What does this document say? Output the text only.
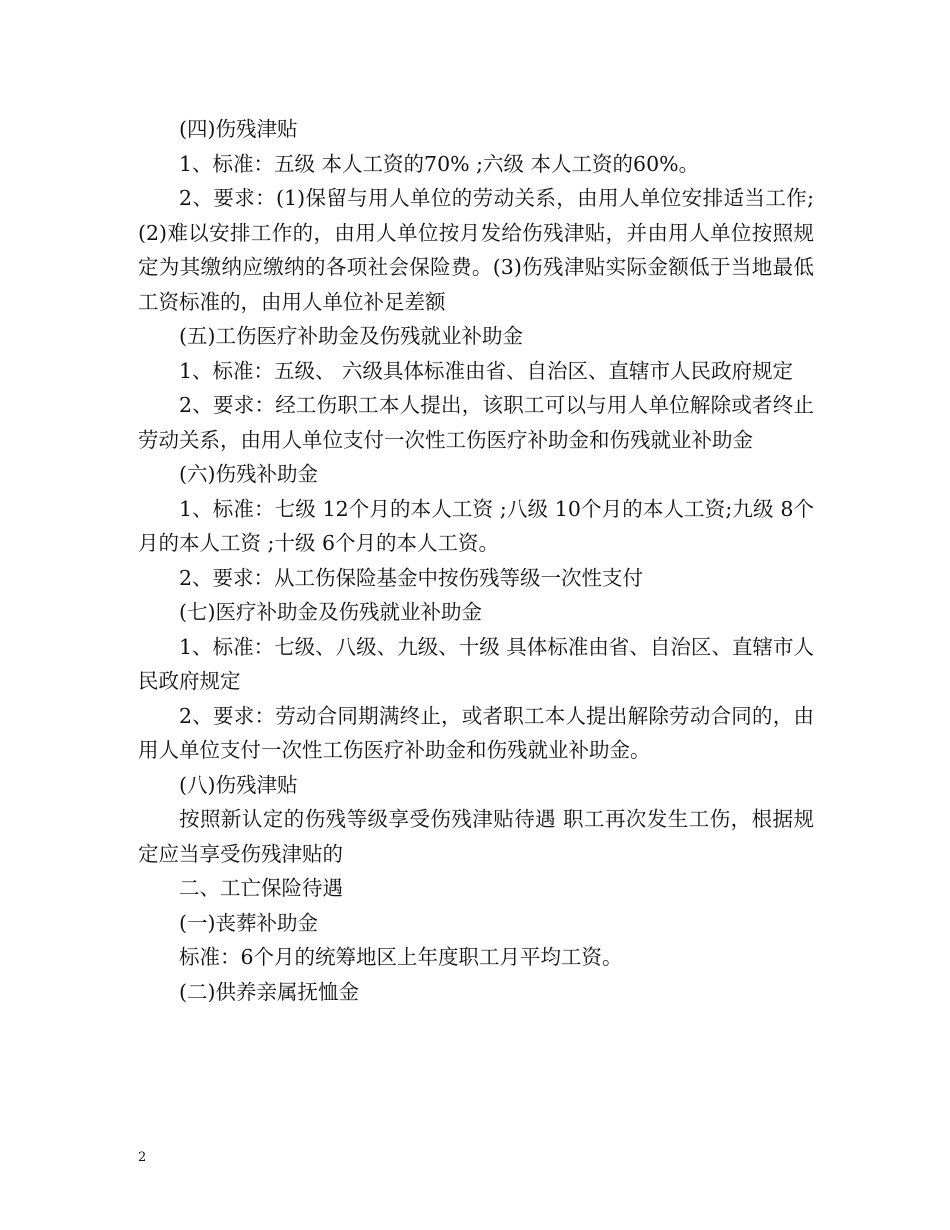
(四)伤残津贴

1、标准：五级 本人工资的70% ;六级 本人工资的60%。

2、要求：(1)保留与用人单位的劳动关系，由用人单位安排适当工作;(2)难以安排工作的，由用人单位按月发给伤残津贴，并由用人单位按照规定为其缴纳应缴纳的各项社会保险费。(3)伤残津贴实际金额低于当地最低工资标准的，由用人单位补足差额

(五)工伤医疗补助金及伤残就业补助金

1、标准：五级、 六级具体标准由省、自治区、直辖市人民政府规定

2、要求：经工伤职工本人提出，该职工可以与用人单位解除或者终止劳动关系，由用人单位支付一次性工伤医疗补助金和伤残就业补助金

(六)伤残补助金

1、标准：七级 12个月的本人工资 ;八级 10个月的本人工资;九级 8个月的本人工资 ;十级 6个月的本人工资。

2、要求：从工伤保险基金中按伤残等级一次性支付

(七)医疗补助金及伤残就业补助金

1、标准：七级、八级、九级、十级 具体标准由省、自治区、直辖市人民政府规定

2、要求：劳动合同期满终止，或者职工本人提出解除劳动合同的，由用人单位支付一次性工伤医疗补助金和伤残就业补助金。

(八)伤残津贴

按照新认定的伤残等级享受伤残津贴待遇 职工再次发生工伤，根据规定应当享受伤残津贴的

二、工亡保险待遇

(一)丧葬补助金

标准：6个月的统筹地区上年度职工月平均工资。

(二)供养亲属抚恤金

2
